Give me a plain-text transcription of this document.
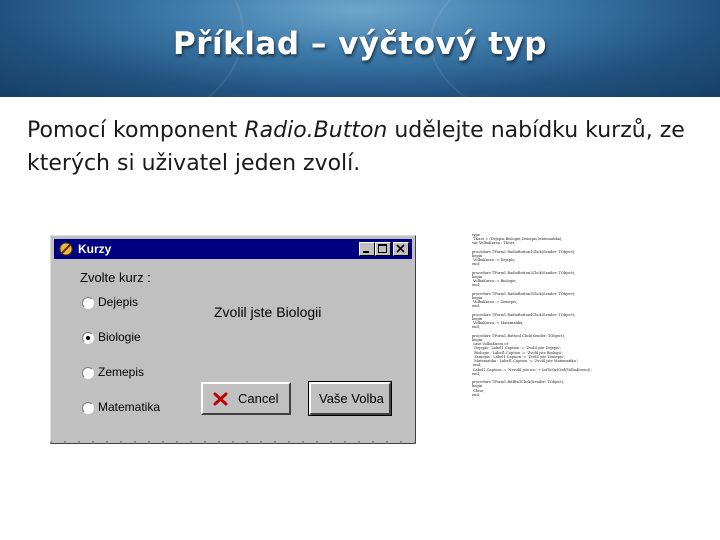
Příklad – výčtový typ
Pomocí komponent Radio.Button udělejte nabídku kurzů, ze kterých si uživatel jeden zvolí.
Kurzy
Zvolte kurz :
Dejepis
Biologie
Zemepis
Matematika
Zvolil jste Biologii
Cancel	Vaše Volba
type
TKurz = (Dejepis,Biologie,Zemepis,Matematika);
var VolbaKurzu : TKurz;

procedure TForm1.RadioButton1Click(Sender: TObject);
begin
VolbaKurzu := Dejepis;
end;

procedure TForm1.RadioButton2Click(Sender: TObject);
begin
VolbaKurzu := Biologie;
end;

procedure TForm1.RadioButton3Click(Sender: TObject);
begin
VolbaKurzu := Zemepis;
end;

procedure TForm1.RadioButton4Click(Sender: TObject);
begin
VolbaKurzu := Matematika;
end;

procedure TForm1.Button1Click(Sender: TObject);
begin
case VolbaKurzu of
Dejepis : Label1.Caption := 'Zvolil jste Dejepis';
Biologie : Label1.Caption := 'Zvolil jste Biologii';
Zemepis : Label1.Caption := 'Zvolil jste Zemepis';
Matematika : Label1.Caption := 'Zvolil jste Matematiku';
end;
Label1.Caption := 'Nevolil jste nic' + IntToStr(Ord(VolbaKurzu));
end;

procedure TForm1.BitBtn1Click(Sender: TObject);
begin
Close;
end;
